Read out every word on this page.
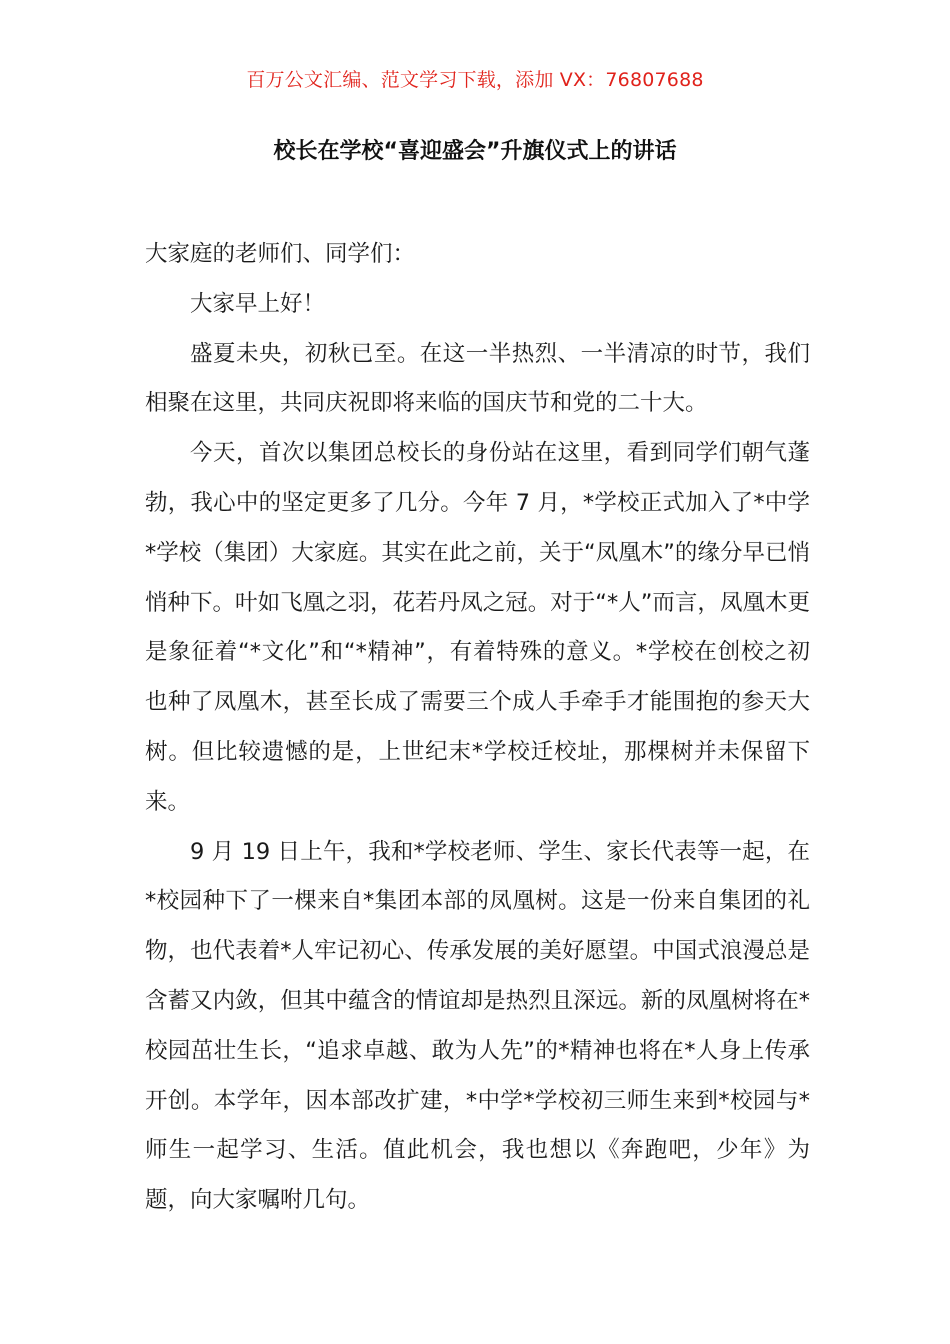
百万公文汇编、范文学习下载，添加 VX：76807688
校长在学校“喜迎盛会”升旗仪式上的讲话

大家庭的老师们、同学们：

大家早上好！

盛夏未央，初秋已至。在这一半热烈、一半清凉的时节，我们相聚在这里，共同庆祝即将来临的国庆节和党的二十大。

今天，首次以集团总校长的身份站在这里，看到同学们朝气蓬勃，我心中的坚定更多了几分。今年 7 月，*学校正式加入了*中学*学校（集团）大家庭。其实在此之前，关于“凤凰木”的缘分早已悄悄种下。叶如飞凰之羽，花若丹凤之冠。对于“*人”而言，凤凰木更是象征着“*文化”和“*精神”，有着特殊的意义。*学校在创校之初也种了凤凰木，甚至长成了需要三个成人手牵手才能围抱的参天大树。但比较遗憾的是，上世纪末*学校迁校址，那棵树并未保留下来。

9 月 19 日上午，我和*学校老师、学生、家长代表等一起，在*校园种下了一棵来自*集团本部的凤凰树。这是一份来自集团的礼物，也代表着*人牢记初心、传承发展的美好愿望。中国式浪漫总是含蓄又内敛，但其中蕴含的情谊却是热烈且深远。新的凤凰树将在*校园茁壮生长，“追求卓越、敢为人先”的*精神也将在*人身上传承开创。本学年，因本部改扩建，*中学*学校初三师生来到*校园与*师生一起学习、生活。值此机会，我也想以《奔跑吧，少年》为题，向大家嘱咐几句。
